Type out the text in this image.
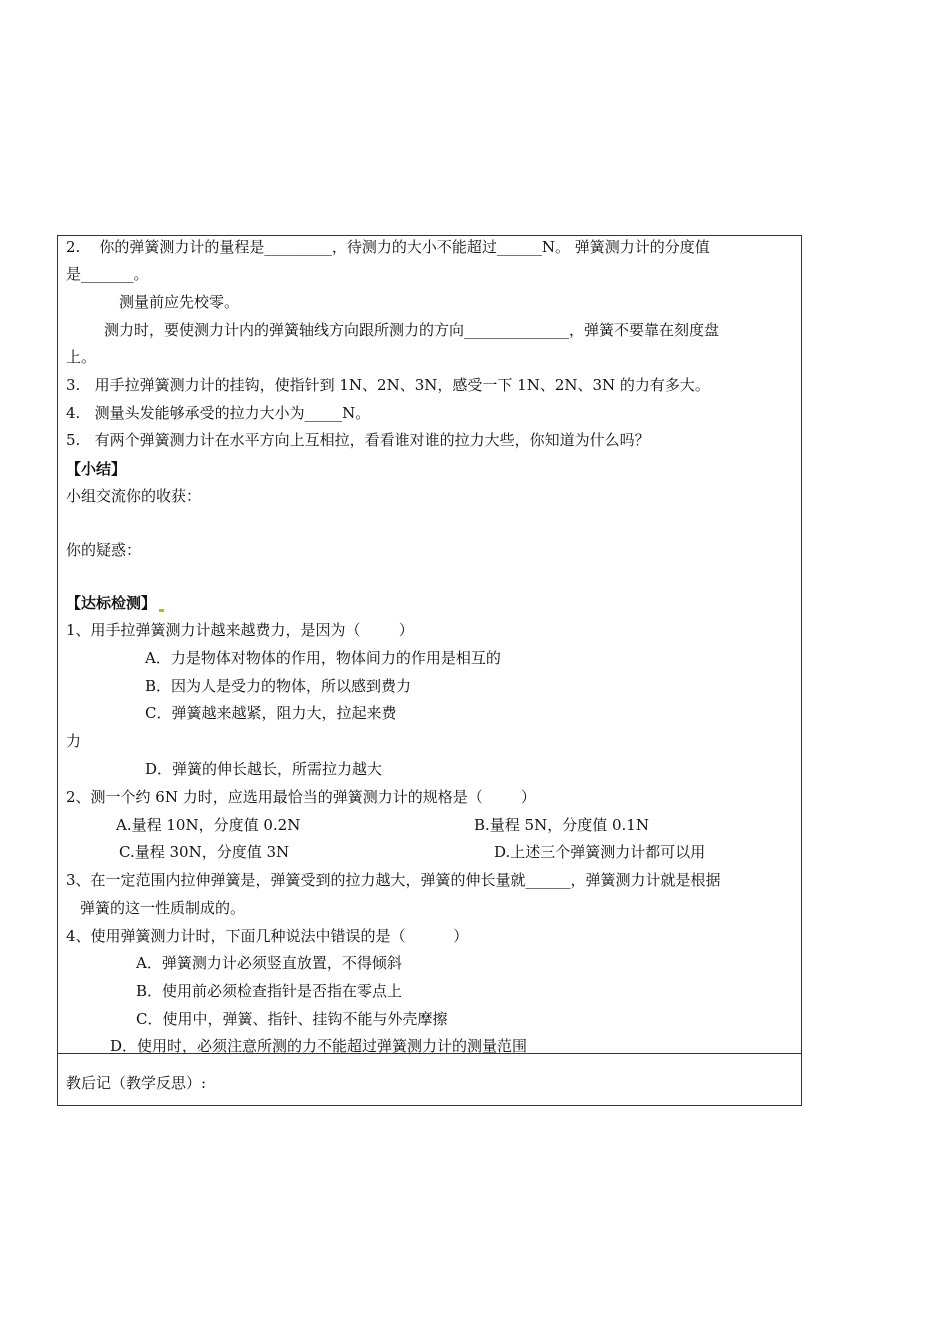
2.    你的弹簧测力计的量程是_________，待测力的大小不能超过______N。 弹簧测力计的分度值
是_______。
测量前应先校零。
测力时，要使测力计内的弹簧轴线方向跟所测力的方向______________，弹簧不要靠在刻度盘
上。
3.   用手拉弹簧测力计的挂钩，使指针到 1N、2N、3N，感受一下 1N、2N、3N 的力有多大。
4.   测量头发能够承受的拉力大小为_____N。
5.   有两个弹簧测力计在水平方向上互相拉，看看谁对谁的拉力大些，你知道为什么吗？
【小结】
小组交流你的收获：
你的疑惑：
【达标检测】
1、用手拉弹簧测力计越来越费力，是因为（        ）
A．力是物体对物体的作用，物体间力的作用是相互的
B．因为人是受力的物体，所以感到费力
C．弹簧越来越紧，阻力大，拉起来费
力
D．弹簧的伸长越长，所需拉力越大
2、测一个约 6N 力时，应选用最恰当的弹簧测力计的规格是（        ）
A.量程 10N，分度值 0.2N	B.量程 5N，分度值 0.1N
C.量程 30N，分度值 3N	D.上述三个弹簧测力计都可以用
3、在一定范围内拉伸弹簧是，弹簧受到的拉力越大，弹簧的伸长量就______，弹簧测力计就是根据
弹簧的这一性质制成的。
4、使用弹簧测力计时，下面几种说法中错误的是（          ）
A．弹簧测力计必须竖直放置，不得倾斜
B．使用前必须检查指针是否指在零点上
C．使用中，弹簧、指针、挂钩不能与外壳摩擦
D．使用时，必须注意所测的力不能超过弹簧测力计的测量范围
教后记（教学反思）:
